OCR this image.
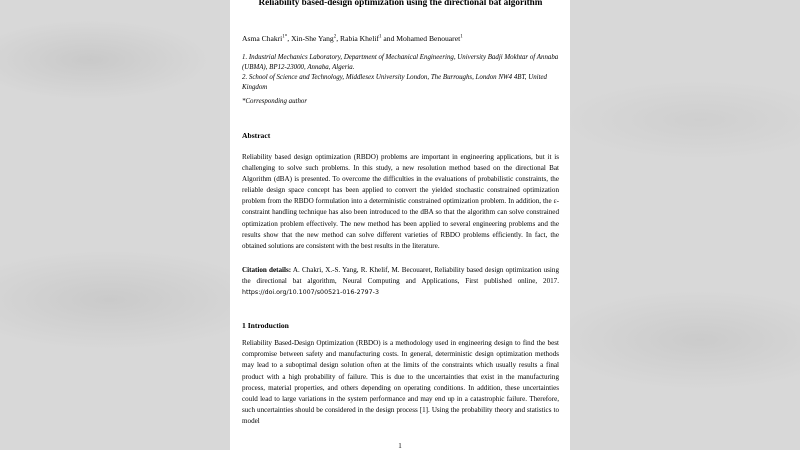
Reliability based-design optimization using the directional bat algorithm
Asma Chakri$^{1*}$, Xin-She Yang$^2$, Rabia Khelif$^1$ and Mohamed Benouaret$^1$
1. Industrial Mechanics Laboratory, Department of Mechanical Engineering, University Badji Mokhtar of Annaba (UBMA), BP12-23000, Annaba, Algeria.
2. School of Science and Technology, Middlesex University London, The Burroughs, London NW4 4BT, United Kingdom
*Corresponding author
Abstract
Reliability based design optimization (RBDO) problems are important in engineering applications, but it is challenging to solve such problems. In this study, a new resolution method based on the directional Bat Algorithm (dBA) is presented. To overcome the difficulties in the evaluations of probabilistic constraints, the reliable design space concept has been applied to convert the yielded stochastic constrained optimization problem from the RBDO formulation into a deterministic constrained optimization problem. In addition, the ε-constraint handling technique has also been introduced to the dBA so that the algorithm can solve constrained optimization problem effectively. The new method has been applied to several engineering problems and the results show that the new method can solve different varieties of RBDO problems efficiently. In fact, the obtained solutions are consistent with the best results in the literature.
Citation details: A. Chakri, X.-S. Yang, R. Khelif, M. Becouaret, Reliability based design optimization using the directional bat algorithm, Neural Computing and Applications, First published online, 2017. https://doi.org/10.1007/s00521-016-2797-3
1 Introduction
Reliability Based-Design Optimization (RBDO) is a methodology used in engineering design to find the best compromise between safety and manufacturing costs. In general, deterministic design optimization methods may lead to a suboptimal design solution often at the limits of the constraints which usually results a final product with a high probability of failure. This is due to the uncertainties that exist in the manufacturing process, material properties, and others depending on operating conditions. In addition, these uncertainties could lead to large variations in the system performance and may end up in a catastrophic failure. Therefore, such uncertainties should be considered in the design process [1]. Using the probability theory and statistics to model
1
